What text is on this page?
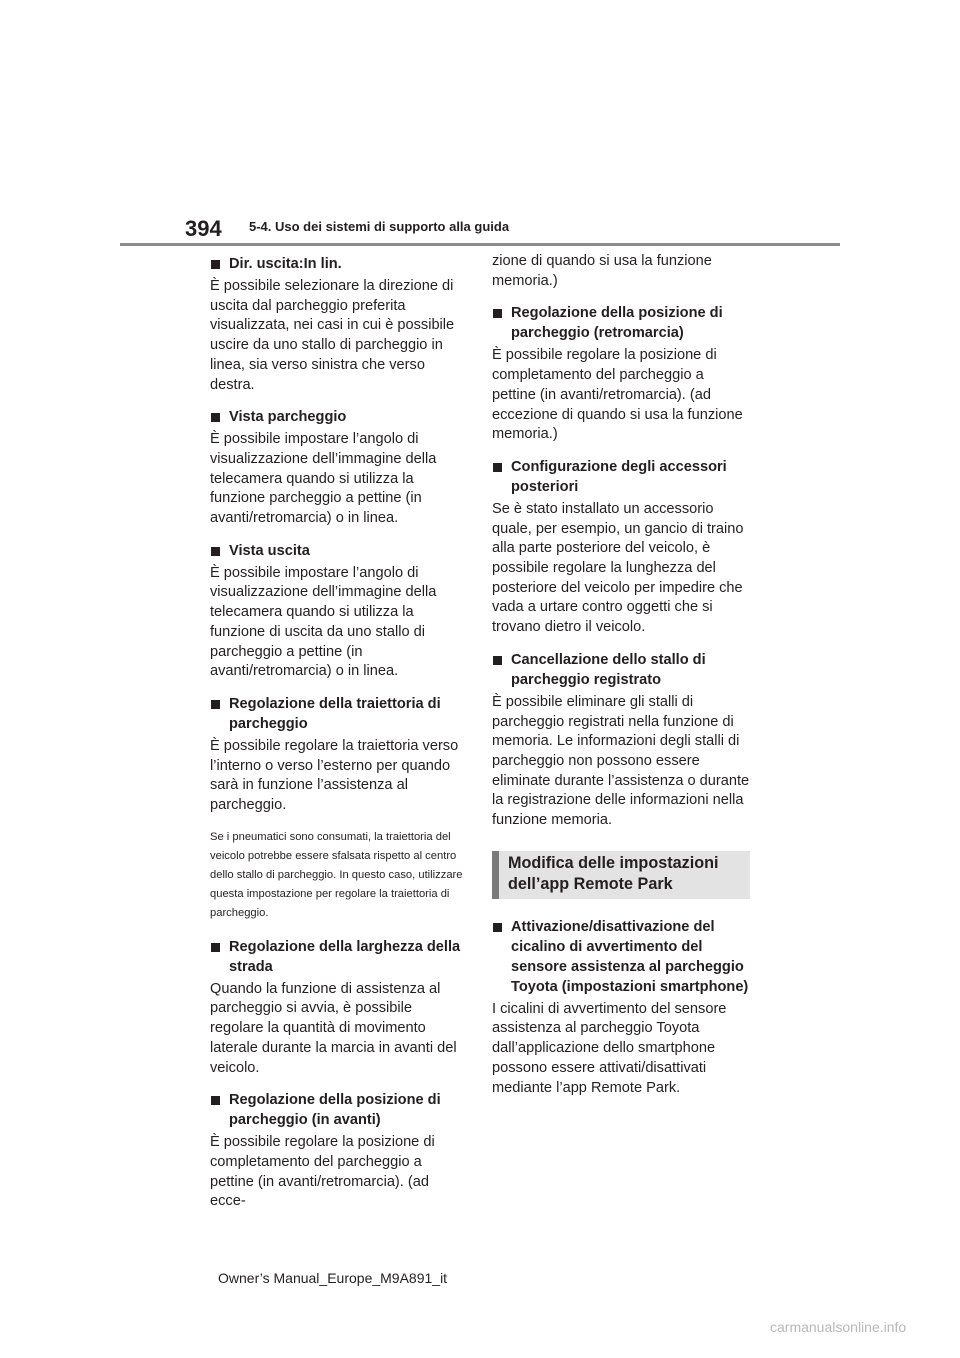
394 5-4. Uso dei sistemi di supporto alla guida
Dir. uscita:In lin.

È possibile selezionare la direzione di uscita dal parcheggio preferita visualizzata, nei casi in cui è possibile uscire da uno stallo di parcheggio in linea, sia verso sinistra che verso destra.

Vista parcheggio

È possibile impostare l’angolo di visualizzazione dell’immagine della telecamera quando si utilizza la funzione parcheggio a pettine (in avanti/retromarcia) o in linea.

Vista uscita

È possibile impostare l’angolo di visualizzazione dell’immagine della telecamera quando si utilizza la funzione di uscita da uno stallo di parcheggio a pettine (in avanti/retromarcia) o in linea.

Regolazione della traiettoria di parcheggio

È possibile regolare la traiettoria verso l’interno o verso l’esterno per quando sarà in funzione l’assistenza al parcheggio.

Se i pneumatici sono consumati, la traiettoria del veicolo potrebbe essere sfalsata rispetto al centro dello stallo di parcheggio. In questo caso, utilizzare questa impostazione per regolare la traiettoria di parcheggio.

Regolazione della larghezza della strada

Quando la funzione di assistenza al parcheggio si avvia, è possibile regolare la quantità di movimento laterale durante la marcia in avanti del veicolo.

Regolazione della posizione di parcheggio (in avanti)

È possibile regolare la posizione di completamento del parcheggio a pettine (in avanti/retromarcia). (ad ecce-

zione di quando si usa la funzione memoria.)

Regolazione della posizione di parcheggio (retromarcia)

È possibile regolare la posizione di completamento del parcheggio a pettine (in avanti/retromarcia). (ad eccezione di quando si usa la funzione memoria.)

Configurazione degli accessori posteriori

Se è stato installato un accessorio quale, per esempio, un gancio di traino alla parte posteriore del veicolo, è possibile regolare la lunghezza del posteriore del veicolo per impedire che vada a urtare contro oggetti che si trovano dietro il veicolo.

Cancellazione dello stallo di parcheggio registrato

È possibile eliminare gli stalli di parcheggio registrati nella funzione di memoria. Le informazioni degli stalli di parcheggio non possono essere eliminate durante l’assistenza o durante la registrazione delle informazioni nella funzione memoria.

Modifica delle impostazioni dell’app Remote Park
Attivazione/disattivazione del cicalino di avvertimento del sensore assistenza al parcheggio Toyota (impostazioni smartphone)

I cicalini di avvertimento del sensore assistenza al parcheggio Toyota dall’applicazione dello smartphone possono essere attivati/disattivati mediante l’app Remote Park.

Owner’s Manual_Europe_M9A891_it
carmanualsonline.info
